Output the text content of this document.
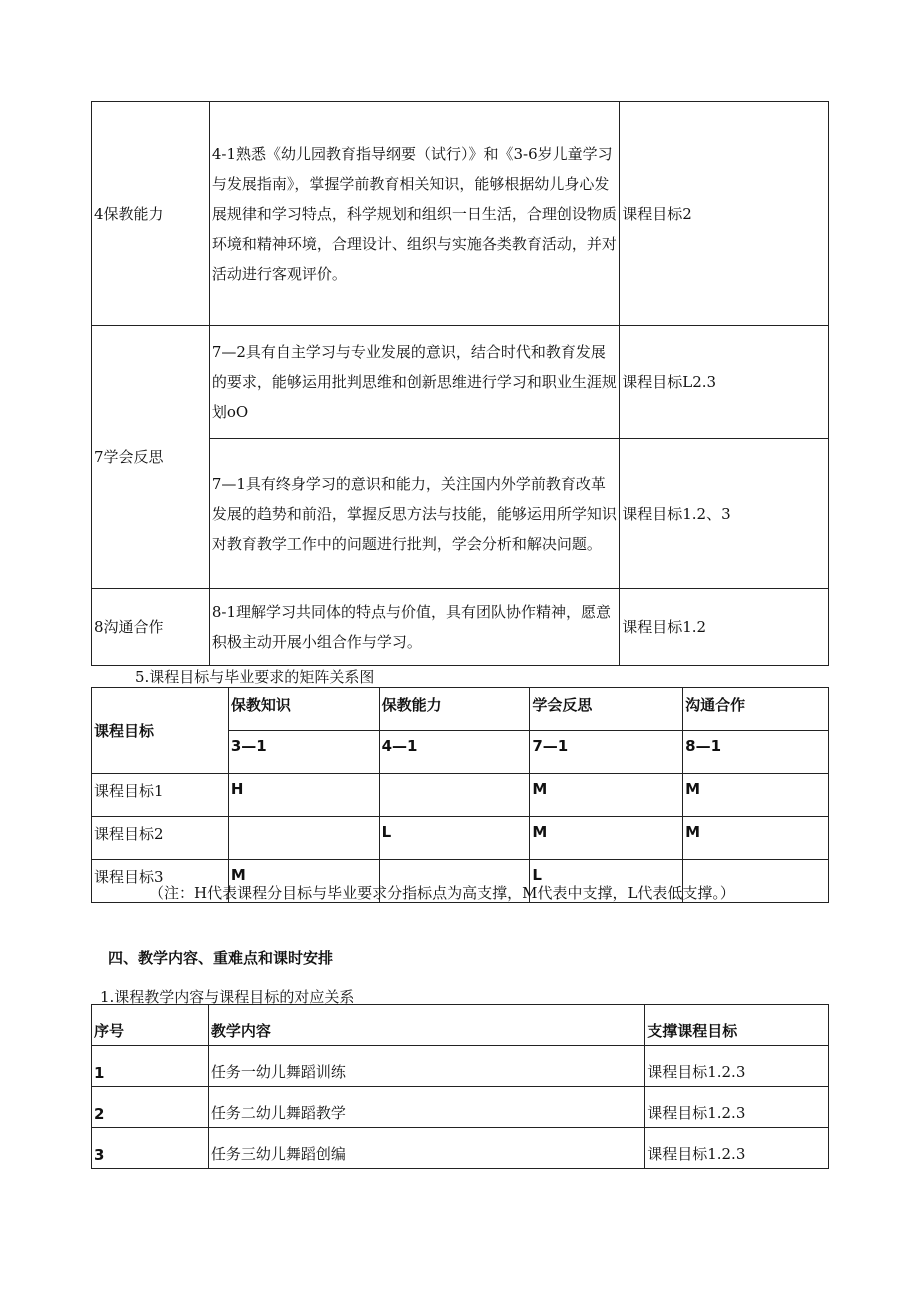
4保教能力	4-1熟悉《幼儿园教育指导纲要（试行）》和《3-6岁儿童学习与发展指南》，掌握学前教育相关知识，能够根据幼儿身心发展规律和学习特点，科学规划和组织一日生活，合理创设物质环境和精神环境，合理设计、组织与实施各类教育活动，并对活动进行客观评价。	课程目标2
7学会反思	7—2具有自主学习与专业发展的意识，结合时代和教育发展的要求，能够运用批判思维和创新思维进行学习和职业生涯规划oO	课程目标L2.3
	7—1具有终身学习的意识和能力，关注国内外学前教育改革发展的趋势和前沿，掌握反思方法与技能，能够运用所学知识对教育教学工作中的问题进行批判，学会分析和解决问题。	课程目标1.2、3
8沟通合作	8-1理解学习共同体的特点与价值，具有团队协作精神，愿意积极主动开展小组合作与学习。	课程目标1.2
5.课程目标与毕业要求的矩阵关系图
课程目标	保教知识	保教能力	学会反思	沟通合作
	3—1	4—1	7—1	8—1
课程目标1	H		M	M
课程目标2		L	M	M
课程目标3	M		L	
（注：H代表课程分目标与毕业要求分指标点为高支撑，M代表中支撑，L代表低支撑。）
四、教学内容、重难点和课时安排
1.课程教学内容与课程目标的对应关系
序号	教学内容	支撑课程目标
1	任务一幼儿舞蹈训练	课程目标1.2.3
2	任务二幼儿舞蹈教学	课程目标1.2.3
3	任务三幼儿舞蹈创编	课程目标1.2.3
